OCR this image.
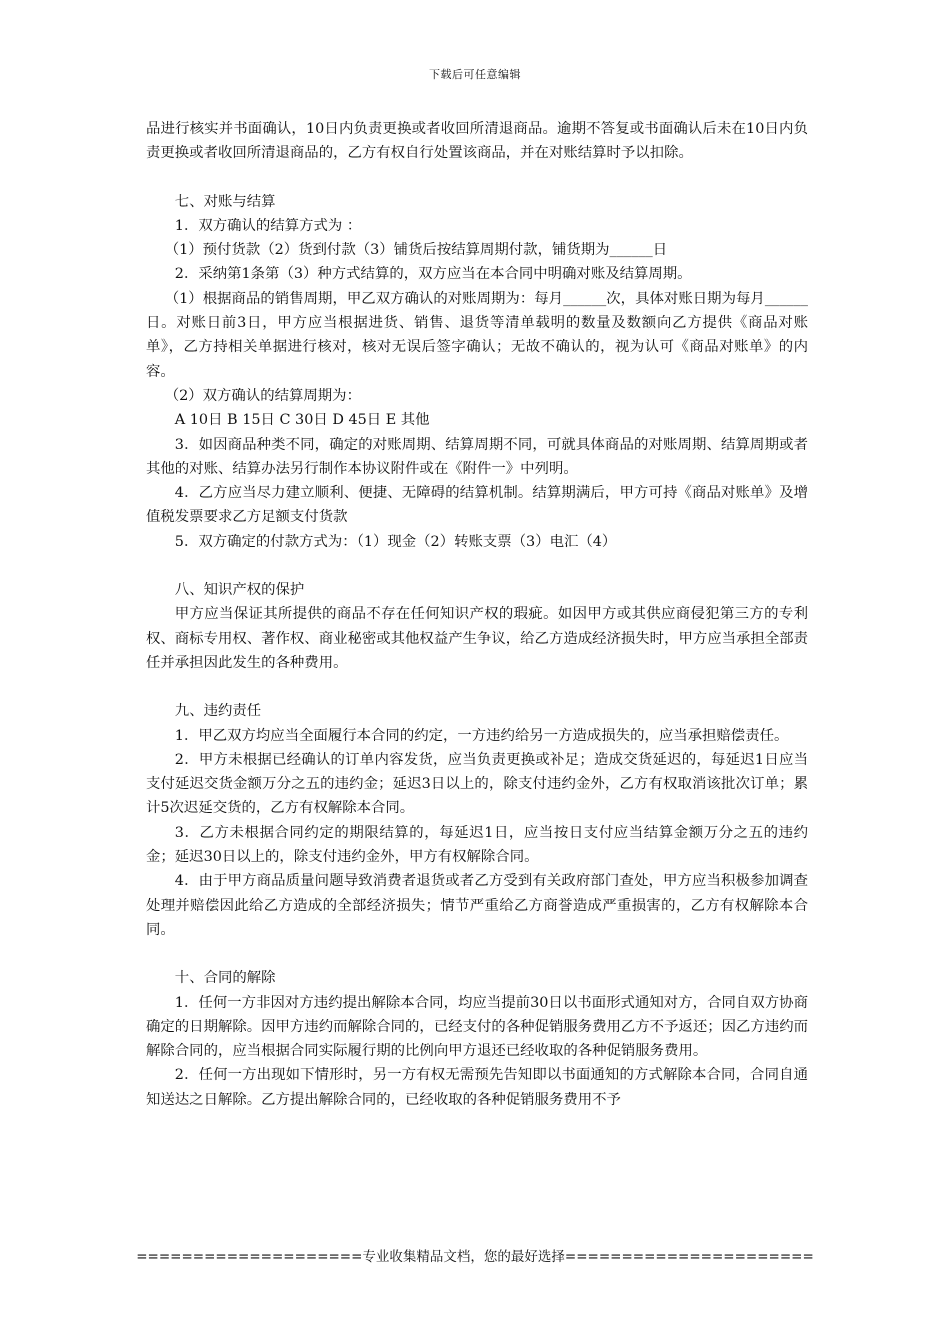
下载后可任意编辑
品进行核实并书面确认，10日内负责更换或者收回所清退商品。逾期不答复或书面确认后未在10日内负责更换或者收回所清退商品的，乙方有权自行处置该商品，并在对账结算时予以扣除。
七、对账与结算
1．双方确认的结算方式为 ：
（1）预付货款（2）货到付款（3）铺货后按结算周期付款，铺货期为______日
2．采纳第1条第（3）种方式结算的，双方应当在本合同中明确对账及结算周期。
（1）根据商品的销售周期，甲乙双方确认的对账周期为：每月______次，具体对账日期为每月______日。对账日前3日，甲方应当根据进货、销售、退货等清单载明的数量及数额向乙方提供《商品对账单》，乙方持相关单据进行核对，核对无误后签字确认；无故不确认的，视为认可《商品对账单》的内容。
（2）双方确认的结算周期为：
A 10日 B 15日 C 30日 D 45日 E 其他
3．如因商品种类不同，确定的对账周期、结算周期不同，可就具体商品的对账周期、结算周期或者其他的对账、结算办法另行制作本协议附件或在《附件一》中列明。
4．乙方应当尽力建立顺利、便捷、无障碍的结算机制。结算期满后，甲方可持《商品对账单》及增值税发票要求乙方足额支付货款
5．双方确定的付款方式为：（1）现金（2）转账支票（3）电汇（4）
八、知识产权的保护
甲方应当保证其所提供的商品不存在任何知识产权的瑕疵。如因甲方或其供应商侵犯第三方的专利权、商标专用权、著作权、商业秘密或其他权益产生争议，给乙方造成经济损失时，甲方应当承担全部责任并承担因此发生的各种费用。
九、违约责任
1．甲乙双方均应当全面履行本合同的约定，一方违约给另一方造成损失的，应当承担赔偿责任。
2．甲方未根据已经确认的订单内容发货，应当负责更换或补足；造成交货延迟的，每延迟1日应当支付延迟交货金额万分之五的违约金；延迟3日以上的，除支付违约金外，乙方有权取消该批次订单；累计5次迟延交货的，乙方有权解除本合同。
3．乙方未根据合同约定的期限结算的，每延迟1日，应当按日支付应当结算金额万分之五的违约金；延迟30日以上的，除支付违约金外，甲方有权解除合同。
4．由于甲方商品质量问题导致消费者退货或者乙方受到有关政府部门查处，甲方应当积极参加调查处理并赔偿因此给乙方造成的全部经济损失；情节严重给乙方商誉造成严重损害的，乙方有权解除本合同。
十、合同的解除
1．任何一方非因对方违约提出解除本合同，均应当提前30日以书面形式通知对方，合同自双方协商确定的日期解除。因甲方违约而解除合同的，已经支付的各种促销服务费用乙方不予返还；因乙方违约而解除合同的，应当根据合同实际履行期的比例向甲方退还已经收取的各种促销服务费用。
2．任何一方出现如下情形时，另一方有权无需预先告知即以书面通知的方式解除本合同，合同自通知送达之日解除。乙方提出解除合同的，已经收取的各种促销服务费用不予
====================专业收集精品文档，您的最好选择======================
